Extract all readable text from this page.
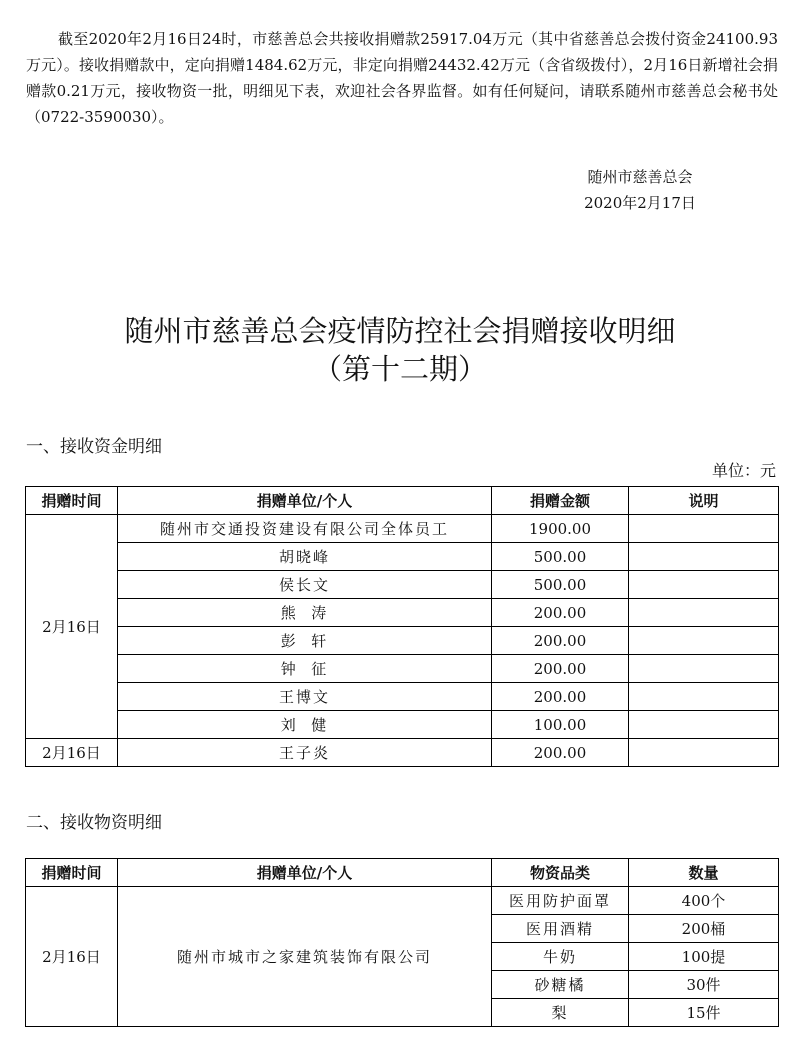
截至2020年2月16日24时，市慈善总会共接收捐赠款25917.04万元（其中省慈善总会拨付资金24100.93万元）。接收捐赠款中，定向捐赠1484.62万元，非定向捐赠24432.42万元（含省级拨付），2月16日新增社会捐赠款0.21万元，接收物资一批，明细见下表，欢迎社会各界监督。如有任何疑问，请联系随州市慈善总会秘书处（0722-3590030）。

随州市慈善总会
2020年2月17日
随州市慈善总会疫情防控社会捐赠接收明细
（第十二期）
一、接收资金明细
单位：元
捐赠时间	捐赠单位/个人	捐赠金额	说明
2月16日	随州市交通投资建设有限公司全体员工	1900.00	
	胡晓峰	500.00	
	侯长文	500.00	
	熊  涛	200.00	
	彭  轩	200.00	
	钟  征	200.00	
	王博文	200.00	
	刘  健	100.00	
2月16日	王子炎	200.00	
二、接收物资明细
捐赠时间	捐赠单位/个人	物资品类	数量
2月16日	随州市城市之家建筑装饰有限公司	医用防护面罩	400个
		医用酒精	200桶
		牛奶	100提
		砂糖橘	30件
		梨	15件
